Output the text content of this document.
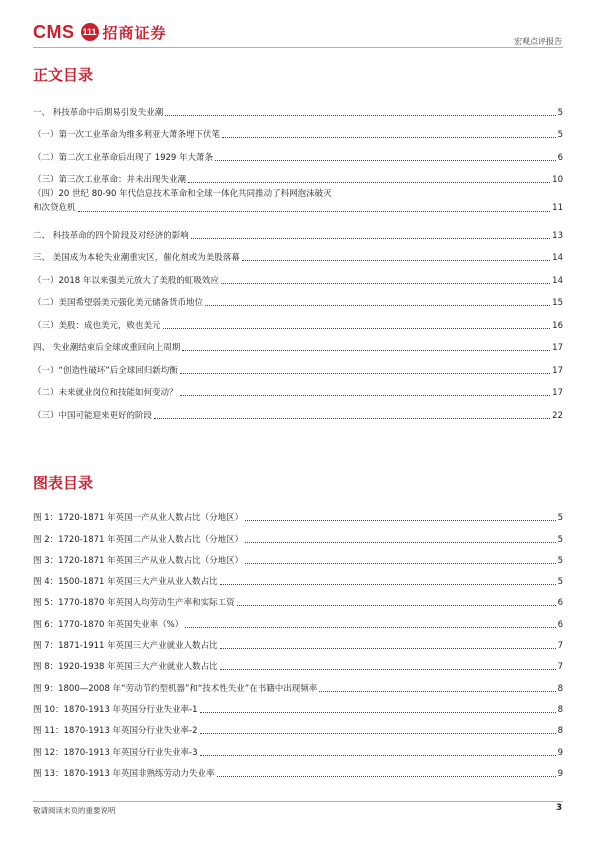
CMS 111 招商证券	宏观点评报告
正文目录
一、 科技革命中后期易引发失业潮	5
（一）第一次工业革命为维多利亚大萧条埋下伏笔	5
（二）第二次工业革命后出现了 1929 年大萧条	6
（三）第三次工业革命：并未出现失业潮	10
（四）20 世纪 80-90 年代信息技术革命和全球一体化共同推动了科网泡沫破灭
和次贷危机	11
二、 科技革命的四个阶段及对经济的影响	13
三、 美国成为本轮失业潮重灾区，催化剂或为美股落幕	14
（一）2018 年以来强美元放大了美股的虹吸效应	14
（二）美国希望弱美元强化美元储备货币地位	15
（三）美股：成也美元，败也美元	16
四、 失业潮结束后全球或重回向上周期	17
（一）“创造性破坏”后全球回归新均衡	17
（二）未来就业岗位和技能如何变动？	17
（三）中国可能迎来更好的阶段	22
图表目录
图 1：1720-1871 年英国一产从业人数占比（分地区）	5
图 2：1720-1871 年英国二产从业人数占比（分地区）	5
图 3：1720-1871 年英国三产从业人数占比（分地区）	5
图 4：1500-1871 年英国三大产业从业人数占比	5
图 5：1770-1870 年英国人均劳动生产率和实际工资	6
图 6：1770-1870 年英国失业率（%）	6
图 7：1871-1911 年英国三大产业就业人数占比	7
图 8：1920-1938 年英国三大产业就业人数占比	7
图 9：1800—2008 年“劳动节约型机器”和“技术性失业”在书籍中出现频率	8
图 10：1870-1913 年英国分行业失业率-1	8
图 11：1870-1913 年英国分行业失业率-2	8
图 12：1870-1913 年英国分行业失业率-3	9
图 13：1870-1913 年英国非熟练劳动力失业率	9
敬请阅读末页的重要说明	3
